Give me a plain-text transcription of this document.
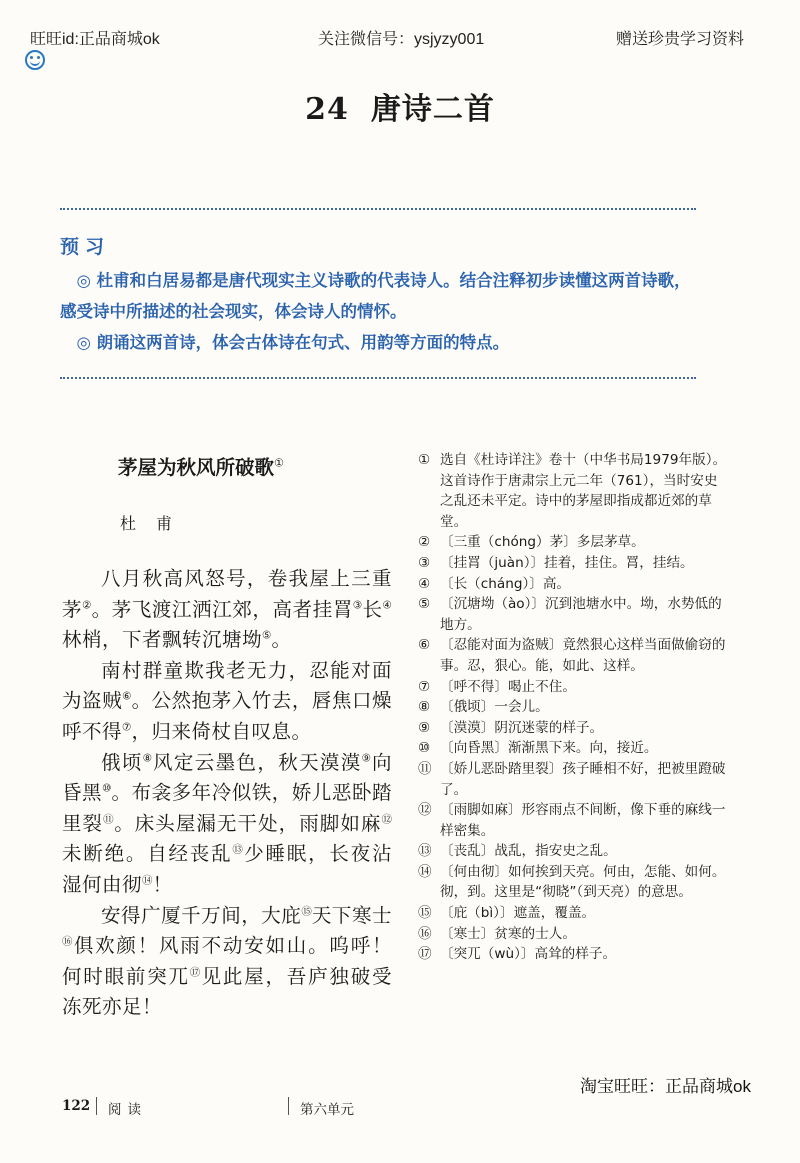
旺旺id:正品商城ok	关注微信号：ysjyzy001	赠送珍贵学习资料
24 唐诗二首
预习

◎ 杜甫和白居易都是唐代现实主义诗歌的代表诗人。结合注释初步读懂这两首诗歌，感受诗中所描述的社会现实，体会诗人的情怀。

◎ 朗诵这两首诗，体会古体诗在句式、用韵等方面的特点。

茅屋为秋风所破歌①
杜甫

八月秋高风怒号，卷我屋上三重茅②。茅飞渡江洒江郊，高者挂罥③长④林梢，下者飘转沉塘坳⑤。

南村群童欺我老无力，忍能对面为盗贼⑥。公然抱茅入竹去，唇焦口燥呼不得⑦，归来倚杖自叹息。

俄顷⑧风定云墨色，秋天漠漠⑨向昏黑⑩。布衾多年冷似铁，娇儿恶卧踏里裂⑪。床头屋漏无干处，雨脚如麻⑫未断绝。自经丧乱⑬少睡眠，长夜沾湿何由彻⑭！

安得广厦千万间，大庇⑮天下寒士⑯俱欢颜！风雨不动安如山。呜呼！何时眼前突兀⑰见此屋，吾庐独破受冻死亦足！

① 选自《杜诗详注》卷十（中华书局1979年版）。这首诗作于唐肃宗上元二年（761），当时安史之乱还未平定。诗中的茅屋即指成都近郊的草堂。
② 〔三重（chóng）茅〕多层茅草。
③ 〔挂罥（juàn）〕挂着，挂住。罥，挂结。
④ 〔长（cháng）〕高。
⑤ 〔沉塘坳（ào）〕沉到池塘水中。坳，水势低的地方。
⑥ 〔忍能对面为盗贼〕竟然狠心这样当面做偷窃的事。忍，狠心。能，如此、这样。
⑦ 〔呼不得〕喝止不住。
⑧ 〔俄顷〕一会儿。
⑨ 〔漠漠〕阴沉迷蒙的样子。
⑩ 〔向昏黑〕渐渐黑下来。向，接近。
⑪ 〔娇儿恶卧踏里裂〕孩子睡相不好，把被里蹬破了。
⑫ 〔雨脚如麻〕形容雨点不间断，像下垂的麻线一样密集。
⑬ 〔丧乱〕战乱，指安史之乱。
⑭ 〔何由彻〕如何挨到天亮。何由，怎能、如何。彻，到。这里是“彻晓”（到天亮）的意思。
⑮ 〔庇（bì）〕遮盖，覆盖。
⑯ 〔寒士〕贫寒的士人。
⑰ 〔突兀（wù）〕高耸的样子。
淘宝旺旺：正品商城ok
122 阅读	第六单元
